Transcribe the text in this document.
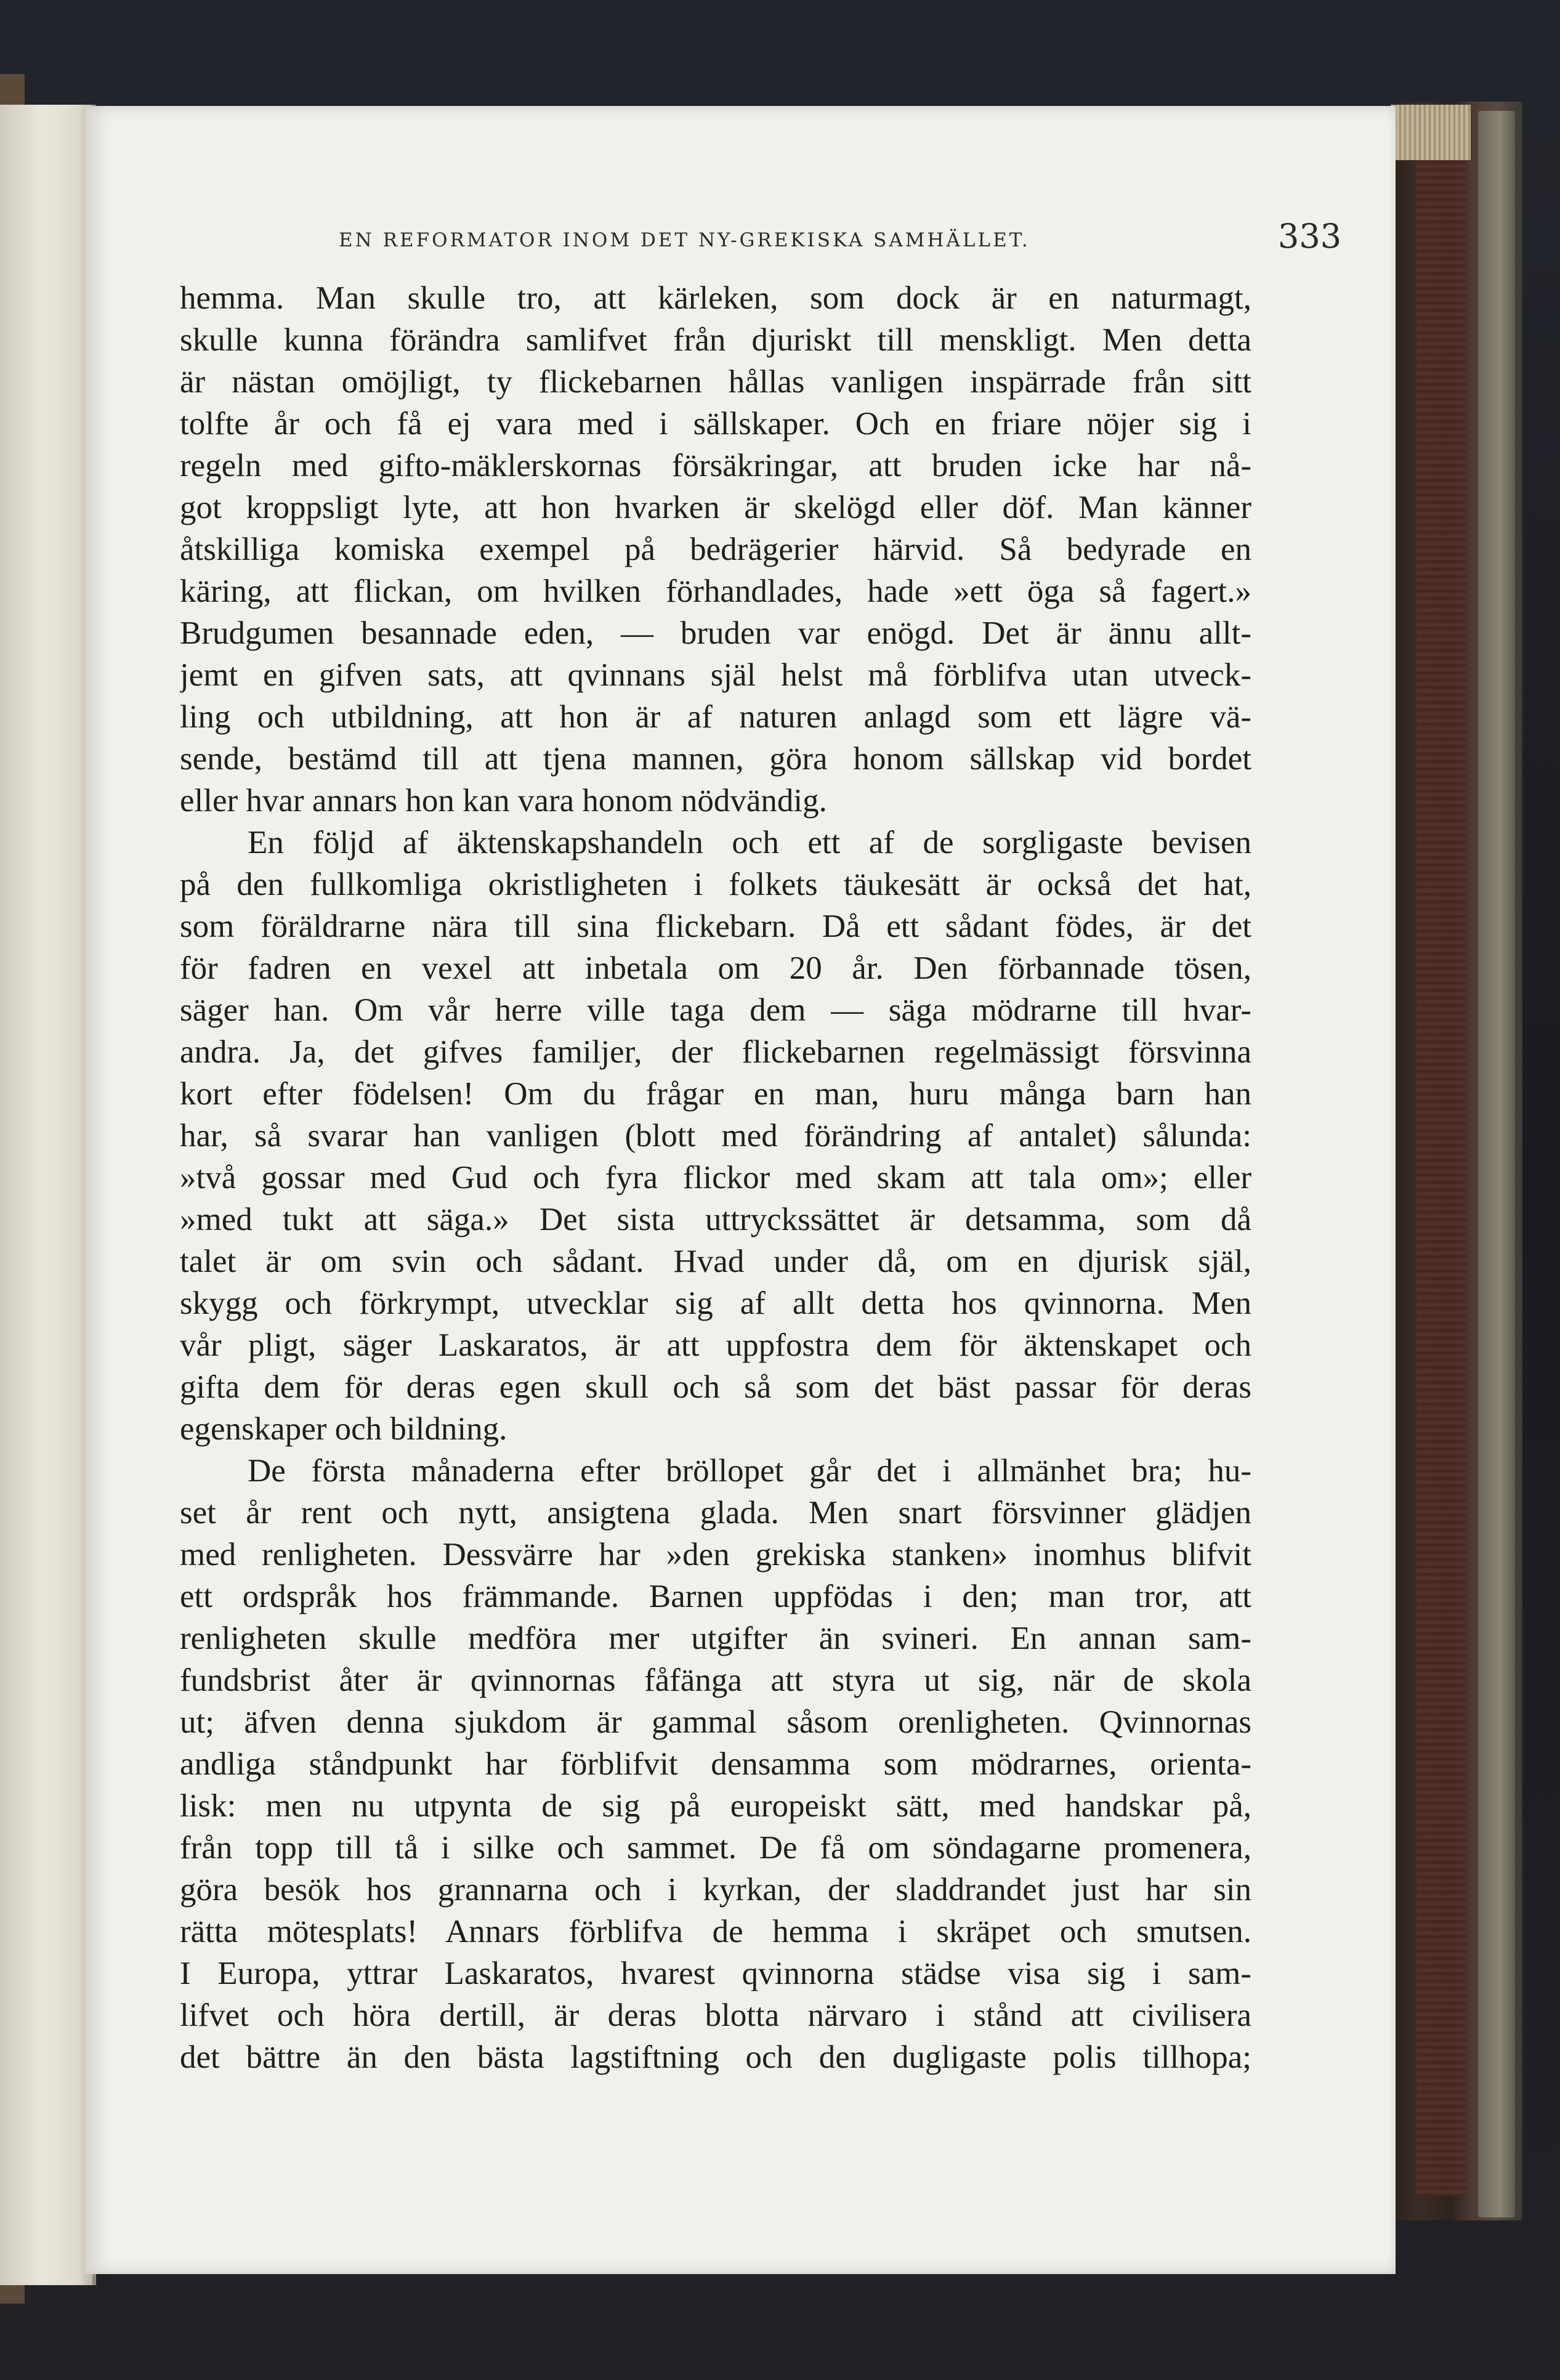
EN REFORMATOR INOM DET NY-GREKISKA SAMHÄLLET.	333
hemma. Man skulle tro, att kärleken, som dock är en naturmagt,
skulle kunna förändra samlifvet från djuriskt till menskligt. Men detta
är nästan omöjligt, ty flickebarnen hållas vanligen inspärrade från sitt
tolfte år och få ej vara med i sällskaper. Och en friare nöjer sig i
regeln med gifto-mäklerskornas försäkringar, att bruden icke har nå-
got kroppsligt lyte, att hon hvarken är skelögd eller döf. Man känner
åtskilliga komiska exempel på bedrägerier härvid. Så bedyrade en
käring, att flickan, om hvilken förhandlades, hade »ett öga så fagert.»
Brudgumen besannade eden, — bruden var enögd. Det är ännu allt-
jemt en gifven sats, att qvinnans själ helst må förblifva utan utveck-
ling och utbildning, att hon är af naturen anlagd som ett lägre vä-
sende, bestämd till att tjena mannen, göra honom sällskap vid bordet
eller hvar annars hon kan vara honom nödvändig.
En följd af äktenskapshandeln och ett af de sorgligaste bevisen
på den fullkomliga okristligheten i folkets täukesätt är också det hat,
som föräldrarne nära till sina flickebarn. Då ett sådant födes, är det
för fadren en vexel att inbetala om 20 år. Den förbannade tösen,
säger han. Om vår herre ville taga dem — säga mödrarne till hvar-
andra. Ja, det gifves familjer, der flickebarnen regelmässigt försvinna
kort efter födelsen! Om du frågar en man, huru många barn han
har, så svarar han vanligen (blott med förändring af antalet) sålunda:
»två gossar med Gud och fyra flickor med skam att tala om»; eller
»med tukt att säga.» Det sista uttryckssättet är detsamma, som då
talet är om svin och sådant. Hvad under då, om en djurisk själ,
skygg och förkrympt, utvecklar sig af allt detta hos qvinnorna. Men
vår pligt, säger Laskaratos, är att uppfostra dem för äktenskapet och
gifta dem för deras egen skull och så som det bäst passar för deras
egenskaper och bildning.
De första månaderna efter bröllopet går det i allmänhet bra; hu-
set år rent och nytt, ansigtena glada. Men snart försvinner glädjen
med renligheten. Dessvärre har »den grekiska stanken» inomhus blifvit
ett ordspråk hos främmande. Barnen uppfödas i den; man tror, att
renligheten skulle medföra mer utgifter än svineri. En annan sam-
fundsbrist åter är qvinnornas fåfänga att styra ut sig, när de skola
ut; äfven denna sjukdom är gammal såsom orenligheten. Qvinnornas
andliga ståndpunkt har förblifvit densamma som mödrarnes, orienta-
lisk: men nu utpynta de sig på europeiskt sätt, med handskar på,
från topp till tå i silke och sammet. De få om söndagarne promenera,
göra besök hos grannarna och i kyrkan, der sladdrandet just har sin
rätta mötesplats! Annars förblifva de hemma i skräpet och smutsen.
I Europa, yttrar Laskaratos, hvarest qvinnorna städse visa sig i sam-
lifvet och höra dertill, är deras blotta närvaro i stånd att civilisera
det bättre än den bästa lagstiftning och den dugligaste polis tillhopa;
